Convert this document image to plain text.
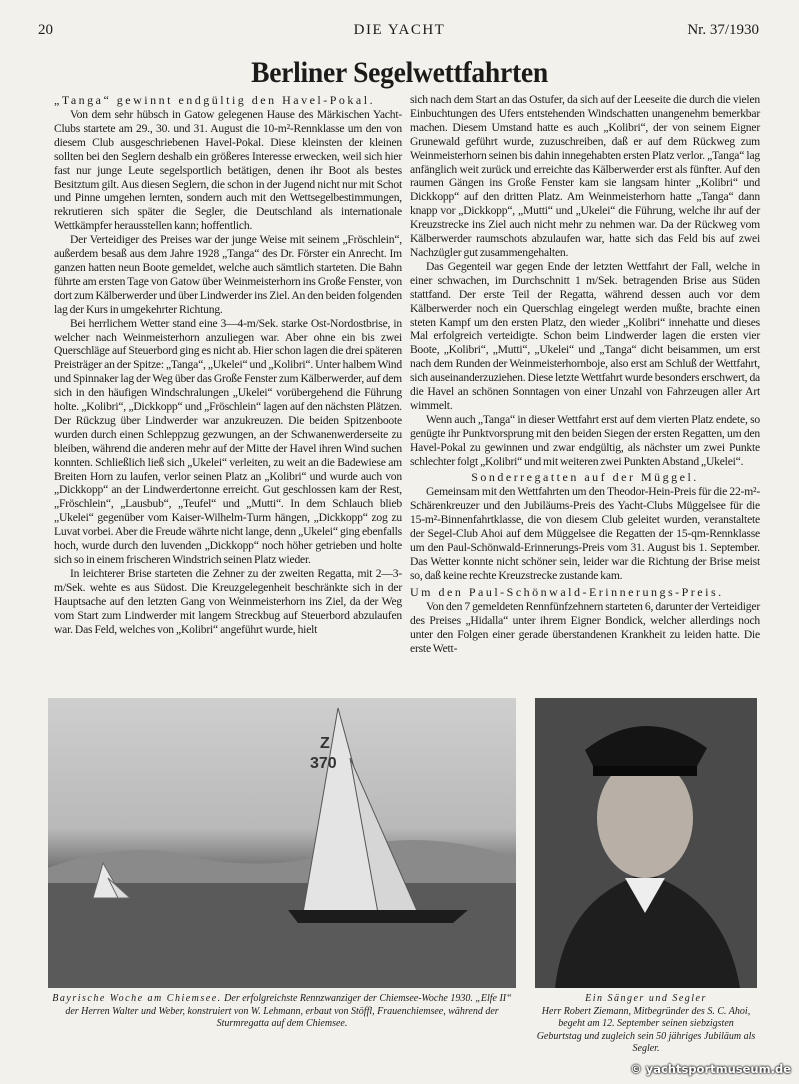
20	DIE YACHT	Nr. 37/1930
Berliner Segelwettfahrten

„Tanga“ gewinnt endgültig den Havel-Pokal.

Von dem sehr hübsch in Gatow gelegenen Hause des Märkischen Yacht-Clubs startete am 29., 30. und 31. August die 10-m²-Rennklasse um den von diesem Club ausgeschriebenen Havel-Pokal. Diese kleinsten der kleinen sollten bei den Seglern deshalb ein größeres Interesse erwecken, weil sich hier fast nur junge Leute segelsportlich betätigen, denen ihr Boot als bestes Besitztum gilt. Aus diesen Seglern, die schon in der Jugend nicht nur mit Schot und Pinne umgehen lernten, sondern auch mit den Wettsegelbestimmungen, rekrutieren sich später die Segler, die Deutschland als internationale Wettkämpfer herausstellen kann; hoffentlich.

Der Verteidiger des Preises war der junge Weise mit seinem „Fröschlein“, außerdem besaß aus dem Jahre 1928 „Tanga“ des Dr. Förster ein Anrecht. Im ganzen hatten neun Boote gemeldet, welche auch sämtlich starteten. Die Bahn führte am ersten Tage von Gatow über Weinmeisterhorn ins Große Fenster, von dort zum Kälberwerder und über Lindwerder ins Ziel. An den beiden folgenden lag der Kurs in umgekehrter Richtung.

Bei herrlichem Wetter stand eine 3—4-m/Sek. starke Ost-Nordostbrise, in welcher nach Weinmeisterhorn anzuliegen war. Aber ohne ein bis zwei Querschläge auf Steuerbord ging es nicht ab. Hier schon lagen die drei späteren Preisträger an der Spitze: „Tanga“, „Ukelei“ und „Kolibri“. Unter halbem Wind und Spinnaker lag der Weg über das Große Fenster zum Kälberwerder, auf dem sich in den häufigen Windschralungen „Ukelei“ vorübergehend die Führung holte. „Kolibri“, „Dickkopp“ und „Fröschlein“ lagen auf den nächsten Plätzen. Der Rückzug über Lindwerder war anzukreuzen. Die beiden Spitzenboote wurden durch einen Schleppzug gezwungen, an der Schwanenwerderseite zu bleiben, während die anderen mehr auf der Mitte der Havel ihren Wind suchen konnten. Schließlich ließ sich „Ukelei“ verleiten, zu weit an die Badewiese am Breiten Horn zu laufen, verlor seinen Platz an „Kolibri“ und wurde auch von „Dickkopp“ an der Lindwerdertonne erreicht. Gut geschlossen kam der Rest, „Fröschlein“, „Lausbub“, „Teufel“ und „Mutti“. In dem Schlauch blieb „Ukelei“ gegenüber vom Kaiser-Wilhelm-Turm hängen, „Dickkopp“ zog zu Luvat vorbei. Aber die Freude währte nicht lange, denn „Ukelei“ ging ebenfalls hoch, wurde durch den luvenden „Dickkopp“ noch höher getrieben und holte sich so in einem frischeren Windstrich seinen Platz wieder.

In leichterer Brise starteten die Zehner zu der zweiten Regatta, mit 2—3-m/Sek. wehte es aus Südost. Die Kreuzgelegenheit beschränkte sich in der Hauptsache auf den letzten Gang von Weinmeisterhorn ins Ziel, da der Weg vom Start zum Lindwerder mit langem Streckbug auf Steuerbord abzulaufen war. Das Feld, welches von „Kolibri“ angeführt wurde, hielt

sich nach dem Start an das Ostufer, da sich auf der Leeseite die durch die vielen Einbuchtungen des Ufers entstehenden Windschatten unangenehm bemerkbar machen. Diesem Umstand hatte es auch „Kolibri“, der von seinem Eigner Grunewald geführt wurde, zuzuschreiben, daß er auf dem Rückweg zum Weinmeisterhorn seinen bis dahin innegehabten ersten Platz verlor. „Tanga“ lag anfänglich weit zurück und erreichte das Kälberwerder erst als fünfter. Auf den raumen Gängen ins Große Fenster kam sie langsam hinter „Kolibri“ und Dickkopp“ auf den dritten Platz. Am Weinmeisterhorn hatte „Tanga“ dann knapp vor „Dickkopp“, „Mutti“ und „Ukelei“ die Führung, welche ihr auf der Kreuzstrecke ins Ziel auch nicht mehr zu nehmen war. Da der Rückweg vom Kälberwerder raumschots abzulaufen war, hatte sich das Feld bis auf zwei Nachzügler gut zusammengehalten.

Das Gegenteil war gegen Ende der letzten Wettfahrt der Fall, welche in einer schwachen, im Durchschnitt 1 m/Sek. betragenden Brise aus Süden stattfand. Der erste Teil der Regatta, während dessen auch vor dem Kälberwerder noch ein Querschlag eingelegt werden mußte, brachte einen steten Kampf um den ersten Platz, den wieder „Kolibri“ innehatte und dieses Mal erfolgreich verteidigte. Schon beim Lindwerder lagen die ersten vier Boote, „Kolibri“, „Mutti“, „Ukelei“ und „Tanga“ dicht beisammen, um erst nach dem Runden der Weinmeisterhornboje, also erst am Schluß der Wettfahrt, sich auseinanderzuziehen. Diese letzte Wettfahrt wurde besonders erschwert, da die Havel an schönen Sonntagen von einer Unzahl von Fahrzeugen aller Art wimmelt.

Wenn auch „Tanga“ in dieser Wettfahrt erst auf dem vierten Platz endete, so genügte ihr Punktvorsprung mit den beiden Siegen der ersten Regatten, um den Havel-Pokal zu gewinnen und zwar endgültig, als nächster um zwei Punkte schlechter folgt „Kolibri“ und mit weiteren zwei Punkten Abstand „Ukelei“.

Sonderregatten auf der Müggel.

Gemeinsam mit den Wettfahrten um den Theodor-Hein-Preis für die 22-m²-Schärenkreuzer und den Jubiläums-Preis des Yacht-Clubs Müggelsee für die 15-m²-Binnenfahrtklasse, die von diesem Club geleitet wurden, veranstaltete der Segel-Club Ahoi auf dem Müggelsee die Regatten der 15-qm-Rennklasse um den Paul-Schönwald-Erinnerungs-Preis vom 31. August bis 1. September. Das Wetter konnte nicht schöner sein, leider war die Richtung der Brise meist so, daß keine rechte Kreuzstrecke zustande kam.

Um den Paul-Schönwald-Erinnerungs-Preis.

Von den 7 gemeldeten Rennfünfzehnern starteten 6, darunter der Verteidiger des Preises „Hidalla“ unter ihrem Eigner Bondick, welcher allerdings noch unter den Folgen einer gerade überstandenen Krankheit zu leiden hatte. Die erste Wett-

Z
370
Bayrische Woche am Chiemsee. Der erfolgreichste Rennzwanziger der Chiemsee-Woche 1930. „Elfe II“ der Herren Walter und Weber, konstruiert von W. Lehmann, erbaut von Stöffl, Frauenchiemsee, während der Sturmregatta auf dem Chiemsee.
Ein Sänger und Segler
Herr Robert Ziemann, Mitbegründer des S. C. Ahoi, begeht am 12. September seinen siebzigsten Geburtstag und zugleich sein 50 jähriges Jubiläum als Segler.
© yachtsportmuseum.de
